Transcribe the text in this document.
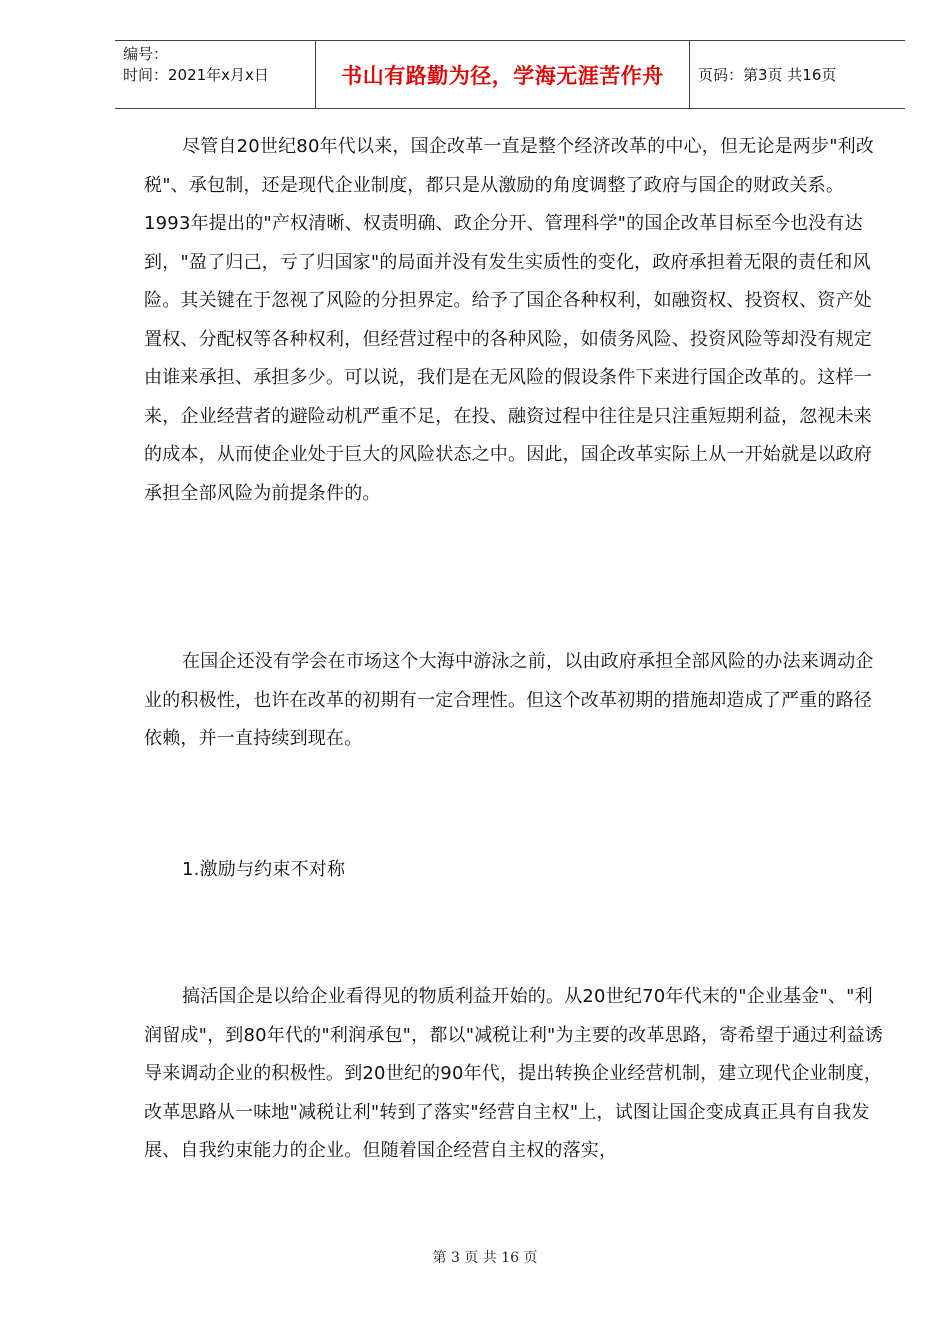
编号：
时间：2021年x月x日	书山有路勤为径，学海无涯苦作舟	页码：第3页 共16页

尽管自20世纪80年代以来，国企改革一直是整个经济改革的中心，但无论是两步"利改税"、承包制，还是现代企业制度，都只是从激励的角度调整了政府与国企的财政关系。1993年提出的"产权清晰、权责明确、政企分开、管理科学"的国企改革目标至今也没有达到，"盈了归己，亏了归国家"的局面并没有发生实质性的变化，政府承担着无限的责任和风险。其关键在于忽视了风险的分担界定。给予了国企各种权利，如融资权、投资权、资产处置权、分配权等各种权利，但经营过程中的各种风险，如债务风险、投资风险等却没有规定由谁来承担、承担多少。可以说，我们是在无风险的假设条件下来进行国企改革的。这样一来，企业经营者的避险动机严重不足，在投、融资过程中往往是只注重短期利益，忽视未来的成本，从而使企业处于巨大的风险状态之中。因此，国企改革实际上从一开始就是以政府承担全部风险为前提条件的。

在国企还没有学会在市场这个大海中游泳之前，以由政府承担全部风险的办法来调动企业的积极性，也许在改革的初期有一定合理性。但这个改革初期的措施却造成了严重的路径依赖，并一直持续到现在。

1.激励与约束不对称

搞活国企是以给企业看得见的物质利益开始的。从20世纪70年代末的"企业基金"、"利润留成"，到80年代的"利润承包"，都以"减税让利"为主要的改革思路，寄希望于通过利益诱导来调动企业的积极性。到20世纪的90年代，提出转换企业经营机制，建立现代企业制度，改革思路从一味地"减税让利"转到了落实"经营自主权"上，试图让国企变成真正具有自我发展、自我约束能力的企业。但随着国企经营自主权的落实，

第 3 页 共 16 页
